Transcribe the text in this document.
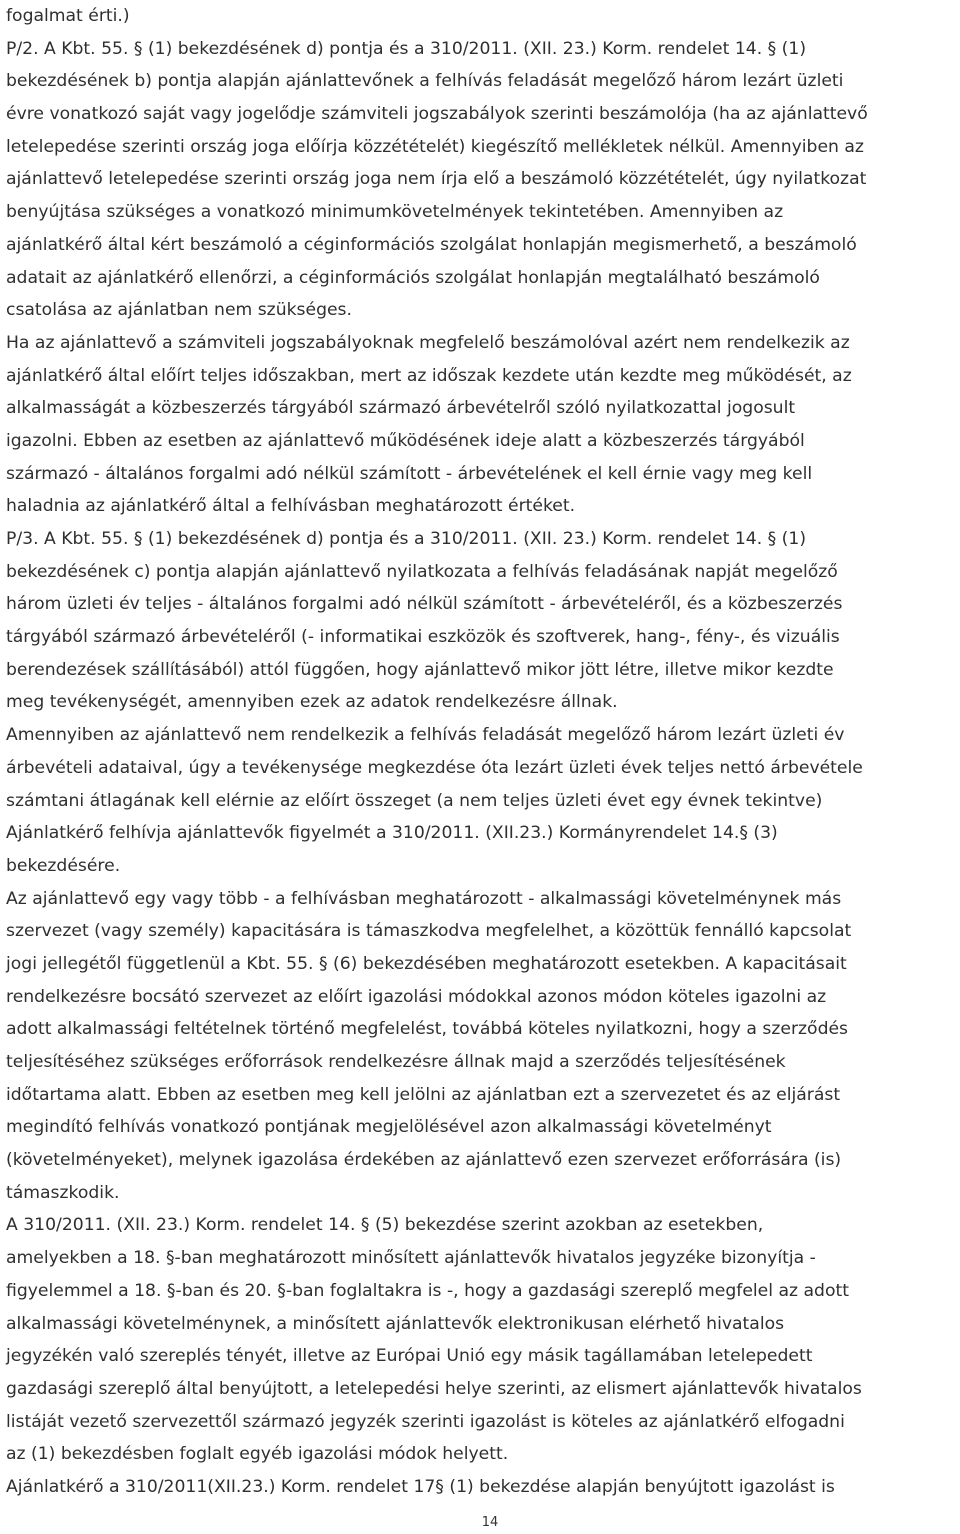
fogalmat érti.)
P/2. A Kbt. 55. § (1) bekezdésének d) pontja és a 310/2011. (XII. 23.) Korm. rendelet 14. § (1)
bekezdésének b) pontja alapján ajánlattevőnek a felhívás feladását megelőző három lezárt üzleti
évre vonatkozó saját vagy jogelődje számviteli jogszabályok szerinti beszámolója (ha az ajánlattevő
letelepedése szerinti ország joga előírja közzétételét) kiegészítő mellékletek nélkül. Amennyiben az
ajánlattevő letelepedése szerinti ország joga nem írja elő a beszámoló közzétételét, úgy nyilatkozat
benyújtása szükséges a vonatkozó minimumkövetelmények tekintetében. Amennyiben az
ajánlatkérő által kért beszámoló a céginformációs szolgálat honlapján megismerhető, a beszámoló
adatait az ajánlatkérő ellenőrzi, a céginformációs szolgálat honlapján megtalálható beszámoló
csatolása az ajánlatban nem szükséges.
Ha az ajánlattevő a számviteli jogszabályoknak megfelelő beszámolóval azért nem rendelkezik az
ajánlatkérő által előírt teljes időszakban, mert az időszak kezdete után kezdte meg működését, az
alkalmasságát a közbeszerzés tárgyából származó árbevételről szóló nyilatkozattal jogosult
igazolni. Ebben az esetben az ajánlattevő működésének ideje alatt a közbeszerzés tárgyából
származó - általános forgalmi adó nélkül számított - árbevételének el kell érnie vagy meg kell
haladnia az ajánlatkérő által a felhívásban meghatározott értéket.
P/3. A Kbt. 55. § (1) bekezdésének d) pontja és a 310/2011. (XII. 23.) Korm. rendelet 14. § (1)
bekezdésének c) pontja alapján ajánlattevő nyilatkozata a felhívás feladásának napját megelőző
három üzleti év teljes - általános forgalmi adó nélkül számított - árbevételéről, és a közbeszerzés
tárgyából származó árbevételéről (- informatikai eszközök és szoftverek, hang-, fény-, és vizuális
berendezések szállításából) attól függően, hogy ajánlattevő mikor jött létre, illetve mikor kezdte
meg tevékenységét, amennyiben ezek az adatok rendelkezésre állnak.
Amennyiben az ajánlattevő nem rendelkezik a felhívás feladását megelőző három lezárt üzleti év
árbevételi adataival, úgy a tevékenysége megkezdése óta lezárt üzleti évek teljes nettó árbevétele
számtani átlagának kell elérnie az előírt összeget (a nem teljes üzleti évet egy évnek tekintve)
Ajánlatkérő felhívja ajánlattevők figyelmét a 310/2011. (XII.23.) Kormányrendelet 14.§ (3)
bekezdésére.
Az ajánlattevő egy vagy több - a felhívásban meghatározott - alkalmassági követelménynek más
szervezet (vagy személy) kapacitására is támaszkodva megfelelhet, a közöttük fennálló kapcsolat
jogi jellegétől függetlenül a Kbt. 55. § (6) bekezdésében meghatározott esetekben. A kapacitásait
rendelkezésre bocsátó szervezet az előírt igazolási módokkal azonos módon köteles igazolni az
adott alkalmassági feltételnek történő megfelelést, továbbá köteles nyilatkozni, hogy a szerződés
teljesítéséhez szükséges erőforrások rendelkezésre állnak majd a szerződés teljesítésének
időtartama alatt. Ebben az esetben meg kell jelölni az ajánlatban ezt a szervezetet és az eljárást
megindító felhívás vonatkozó pontjának megjelölésével azon alkalmassági követelményt
(követelményeket), melynek igazolása érdekében az ajánlattevő ezen szervezet erőforrására (is)
támaszkodik.
A 310/2011. (XII. 23.) Korm. rendelet 14. § (5) bekezdése szerint azokban az esetekben,
amelyekben a 18. §-ban meghatározott minősített ajánlattevők hivatalos jegyzéke bizonyítja -
figyelemmel a 18. §-ban és 20. §-ban foglaltakra is -, hogy a gazdasági szereplő megfelel az adott
alkalmassági követelménynek, a minősített ajánlattevők elektronikusan elérhető hivatalos
jegyzékén való szereplés tényét, illetve az Európai Unió egy másik tagállamában letelepedett
gazdasági szereplő által benyújtott, a letelepedési helye szerinti, az elismert ajánlattevők hivatalos
listáját vezető szervezettől származó jegyzék szerinti igazolást is köteles az ajánlatkérő elfogadni
az (1) bekezdésben foglalt egyéb igazolási módok helyett.
Ajánlatkérő a 310/2011(XII.23.) Korm. rendelet 17§ (1) bekezdése alapján benyújtott igazolást is
14
